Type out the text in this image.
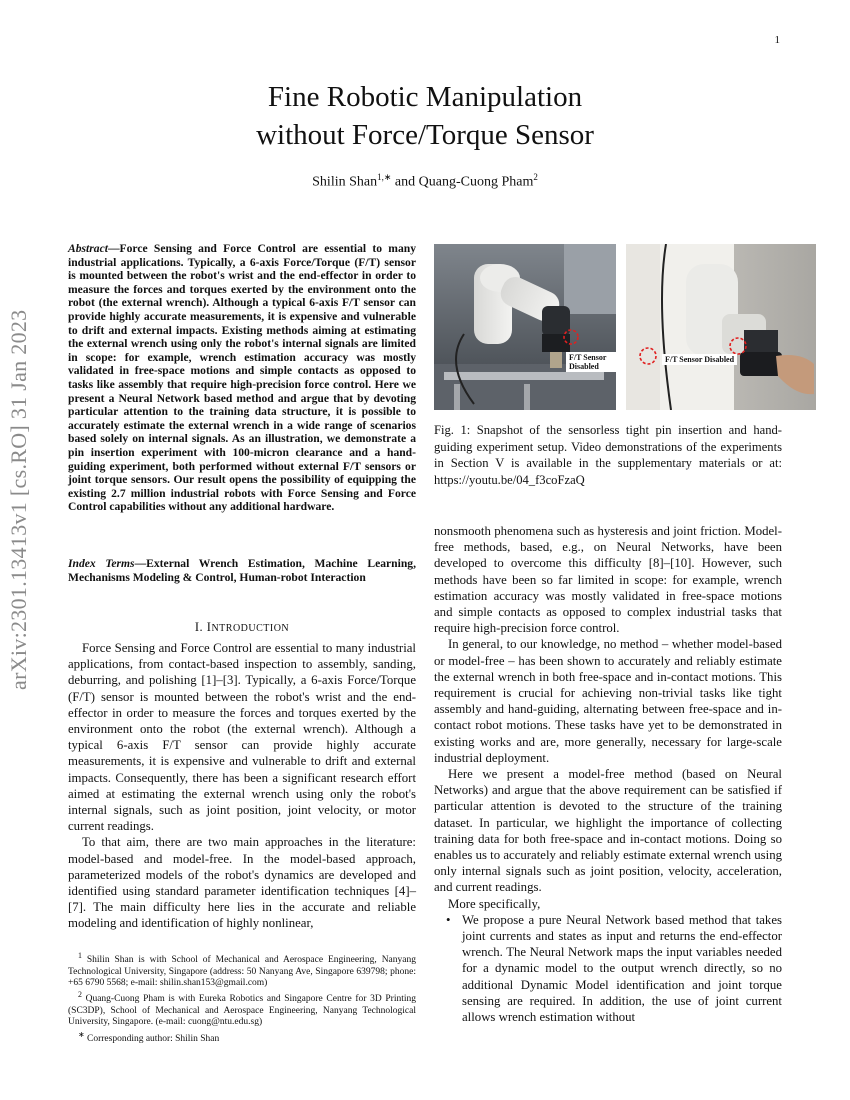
1
arXiv:2301.13413v1 [cs.RO] 31 Jan 2023
Fine Robotic Manipulation
without Force/Torque Sensor
Shilin Shan$^{1,∗}$ and Quang-Cuong Pham$^2$
Abstract—Force Sensing and Force Control are essential to many industrial applications. Typically, a 6-axis Force/Torque (F/T) sensor is mounted between the robot's wrist and the end-effector in order to measure the forces and torques exerted by the environment onto the robot (the external wrench). Although a typical 6-axis F/T sensor can provide highly accurate measurements, it is expensive and vulnerable to drift and external impacts. Existing methods aiming at estimating the external wrench using only the robot's internal signals are limited in scope: for example, wrench estimation accuracy was mostly validated in free-space motions and simple contacts as opposed to tasks like assembly that require high-precision force control. Here we present a Neural Network based method and argue that by devoting particular attention to the training data structure, it is possible to accurately estimate the external wrench in a wide range of scenarios based solely on internal signals. As an illustration, we demonstrate a pin insertion experiment with 100-micron clearance and a hand-guiding experiment, both performed without external F/T sensors or joint torque sensors. Our result opens the possibility of equipping the existing 2.7 million industrial robots with Force Sensing and Force Control capabilities without any additional hardware.
Index Terms—External Wrench Estimation, Machine Learning, Mechanisms Modeling & Control, Human-robot Interaction
I. INTRODUCTION

Force Sensing and Force Control are essential to many industrial applications, from contact-based inspection to assembly, sanding, deburring, and polishing [1]–[3]. Typically, a 6-axis Force/Torque (F/T) sensor is mounted between the robot's wrist and the end-effector in order to measure the forces and torques exerted by the environment onto the robot (the external wrench). Although a typical 6-axis F/T sensor can provide highly accurate measurements, it is expensive and vulnerable to drift and external impacts. Consequently, there has been a significant research effort aimed at estimating the external wrench using only the robot's internal signals, such as joint position, joint velocity, or motor current readings.

To that aim, there are two main approaches in the literature: model-based and model-free. In the model-based approach, parameterized models of the robot's dynamics are developed and identified using standard parameter identification techniques [4]–[7]. The main difficulty here lies in the accurate and reliable modeling and identification of highly nonlinear,

$^1$ Shilin Shan is with School of Mechanical and Aerospace Engineering, Nanyang Technological University, Singapore (address: 50 Nanyang Ave, Singapore 639798; phone: +65 6790 5568; e-mail: shilin.shan153@gmail.com)

$^2$ Quang-Cuong Pham is with Eureka Robotics and Singapore Centre for 3D Printing (SC3DP), School of Mechanical and Aerospace Engineering, Nanyang Technological University, Singapore. (e-mail: cuong@ntu.edu.sg)

∗ Corresponding author: Shilin Shan

F/T Sensor Disabled
F/T Sensor Disabled
Fig. 1: Snapshot of the sensorless tight pin insertion and hand-guiding experiment setup. Video demonstrations of the experiments in Section V is available in the supplementary materials or at: https://youtu.be/04_f3coFzaQ

nonsmooth phenomena such as hysteresis and joint friction. Model-free methods, based, e.g., on Neural Networks, have been developed to overcome this difficulty [8]–[10]. However, such methods have been so far limited in scope: for example, wrench estimation accuracy was mostly validated in free-space motions and simple contacts as opposed to complex industrial tasks that require high-precision force control.

In general, to our knowledge, no method – whether model-based or model-free – has been shown to accurately and reliably estimate the external wrench in both free-space and in-contact motions. This requirement is crucial for achieving non-trivial tasks like tight assembly and hand-guiding, alternating between free-space and in-contact robot motions. These tasks have yet to be demonstrated in existing works and are, more generally, necessary for large-scale industrial deployment.

Here we present a model-free method (based on Neural Networks) and argue that the above requirement can be satisfied if particular attention is devoted to the structure of the training dataset. In particular, we highlight the importance of collecting training data for both free-space and in-contact motions. Doing so enables us to accurately and reliably estimate external wrench using only internal signals such as joint position, velocity, acceleration, and current readings.

More specifically,

• We propose a pure Neural Network based method that takes joint currents and states as input and returns the end-effector wrench. The Neural Network maps the input variables needed for a dynamic model to the output wrench directly, so no additional Dynamic Model identification and joint torque sensing are required. In addition, the use of joint current allows wrench estimation without
